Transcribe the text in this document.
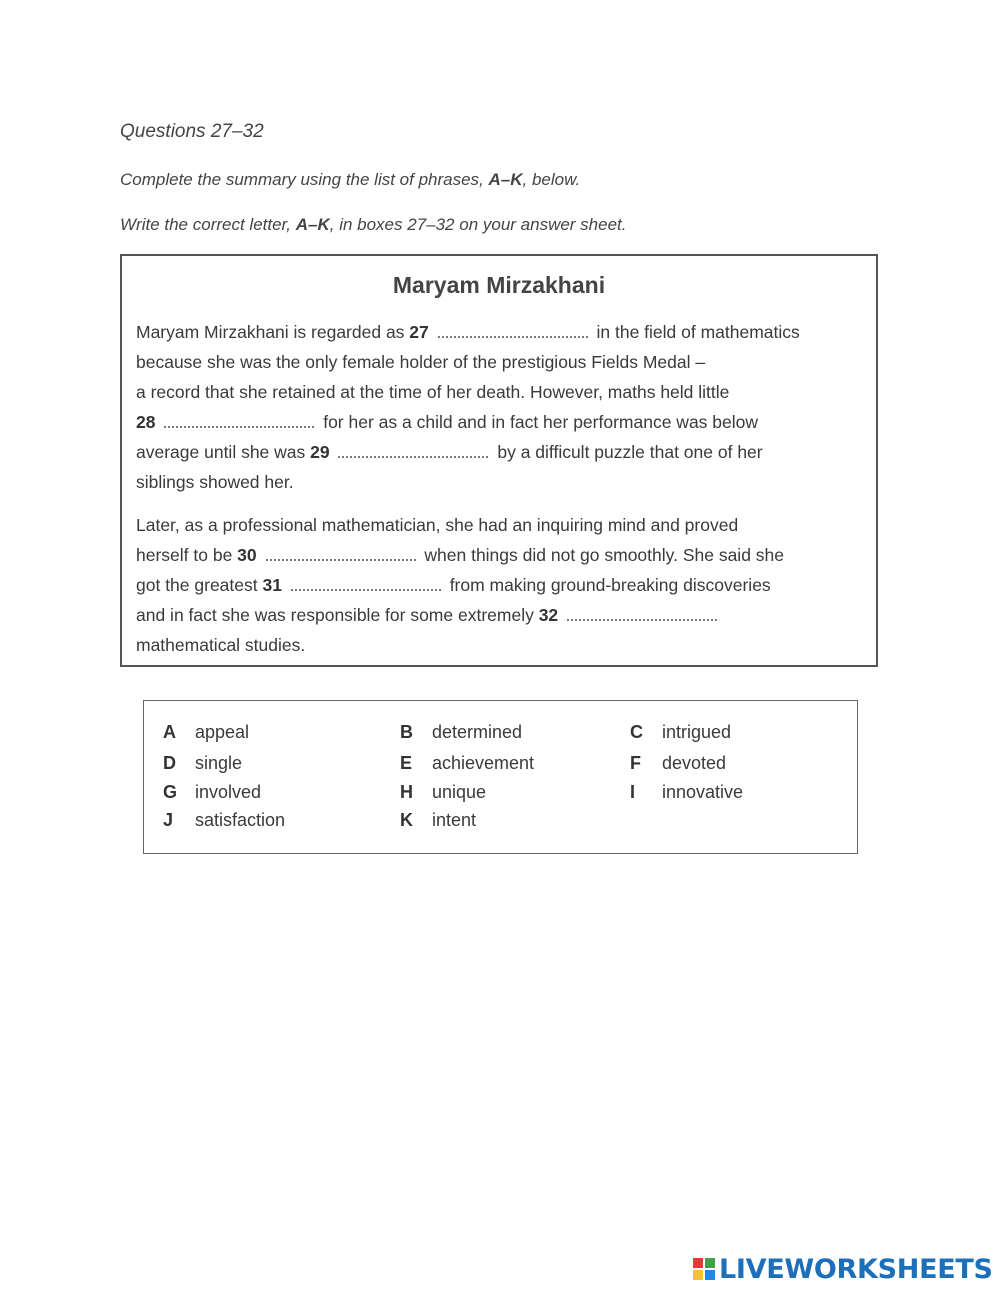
Questions 27–32
Complete the summary using the list of phrases, A–K, below.
Write the correct letter, A–K, in boxes 27–32 on your answer sheet.
Maryam Mirzakhani
Maryam Mirzakhani is regarded as 27	in the field of mathematics
because she was the only female holder of the prestigious Fields Medal –
a record that she retained at the time of her death. However, maths held little
28	for her as a child and in fact her performance was below
average until she was 29	by a difficult puzzle that one of her
siblings showed her.
Later, as a professional mathematician, she had an inquiring mind and proved
herself to be 30	when things did not go smoothly. She said she
got the greatest 31	from making ground-breaking discoveries
and in fact she was responsible for some extremely 32
mathematical studies.
A appeal	B determined	C intrigued
D single	E achievement	F devoted
G involved	H unique	I innovative
J satisfaction	K intent
LIVEWORKSHEETS
